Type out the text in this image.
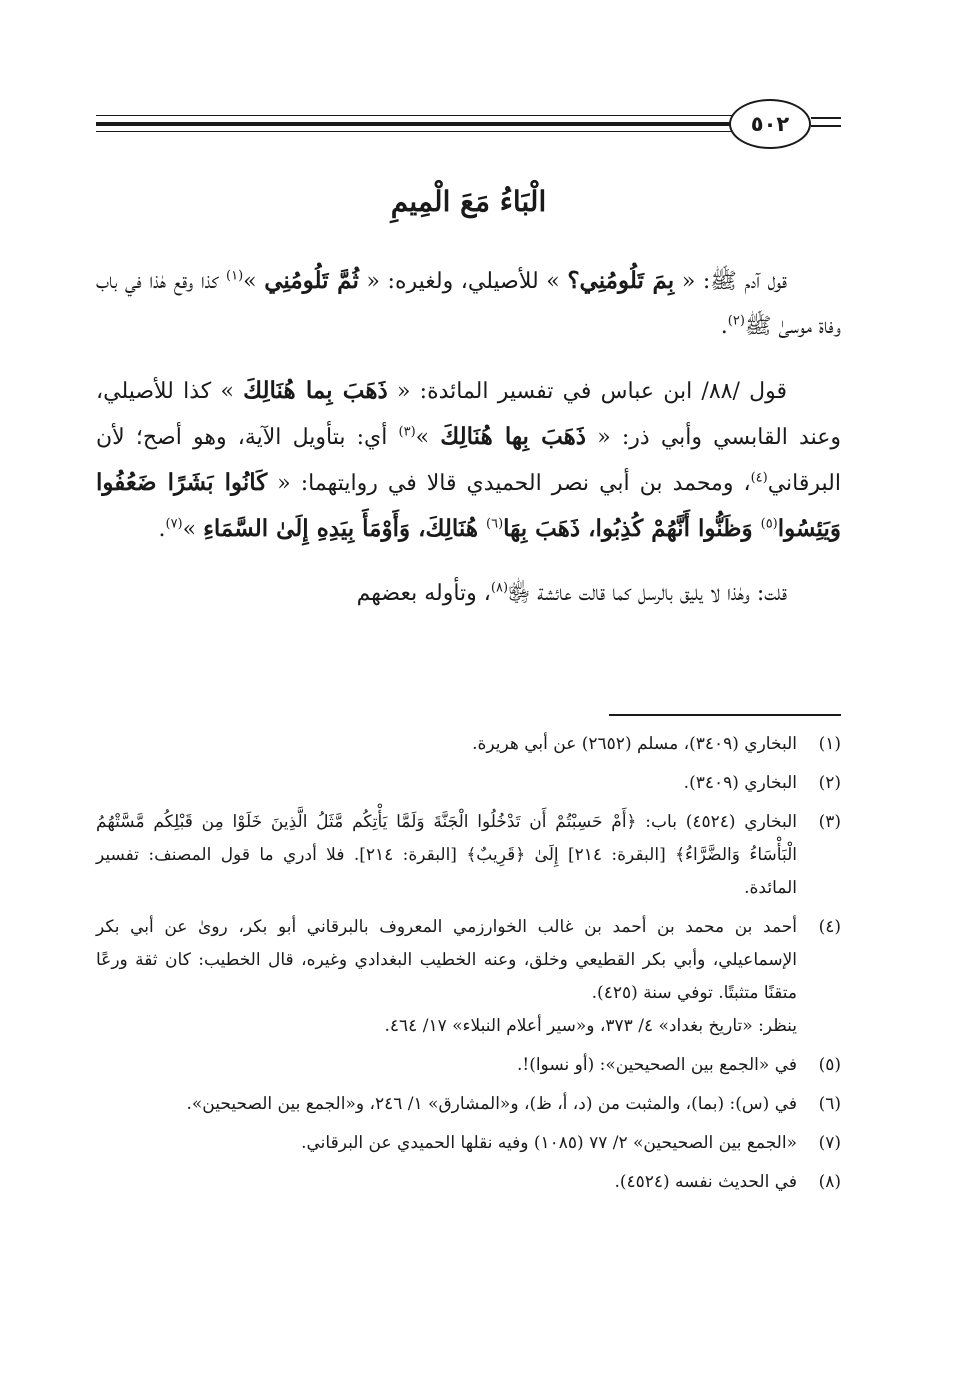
٥٠٢
الْبَاءُ مَعَ الْمِيمِ

قول آدم ﷺ: « بِمَ تَلُومُنِي؟ » للأصيلي، ولغيره: « ثُمَّ تَلُومُنِي »$^{(١)}$ كذا وقع هٰذا في باب وفاة موسىٰ ﷺ$^{(٢)}$.

قول /٨٨/ ابن عباس في تفسير المائدة: « ذَهَبَ بِما هُنَالِكَ » كذا للأصيلي، وعند القابسي وأبي ذر: « ذَهَبَ بِها هُنَالِكَ »$^{(٣)}$ أي: بتأويل الآية، وهو أصح؛ لأن البرقاني$^{(٤)}$، ومحمد بن أبي نصر الحميدي قالا في روايتهما: « كَانُوا بَشَرًا ضَعُفُوا وَيَئِسُوا$^{(٥)}$ وَظَنُّوا أَنَّهُمْ كُذِبُوا، ذَهَبَ بِهَا$^{(٦)}$ هُنَالِكَ، وَأَوْمَأَ بِيَدِهِ إِلَىٰ السَّمَاءِ »$^{(٧)}$.

قلت: وهٰذا لا يليق بالرسل كما قالت عائشة ﵂$^{(٨)}$، وتأوله بعضهم

(١)
البخاري (٣٤٠٩)، مسلم (٢٦٥٢) عن أبي هريرة.
(٢)
البخاري (٣٤٠٩).
(٣)
البخاري (٤٥٢٤) باب: ﴿أَمْ حَسِبْتُمْ أَن تَدْخُلُوا الْجَنَّةَ وَلَمَّا يَأْتِكُم مَّثَلُ الَّذِينَ خَلَوْا مِن قَبْلِكُم مَّسَّتْهُمُ الْبَأْسَاءُ وَالضَّرَّاءُ﴾ [البقرة: ٢١٤] إِلَىٰ ﴿قَرِيبٌ﴾ [البقرة: ٢١٤]. فلا أدري ما قول المصنف: تفسير المائدة.
(٤)
أحمد بن محمد بن أحمد بن غالب الخوارزمي المعروف بالبرقاني أبو بكر، روىٰ عن أبي بكر الإسماعيلي، وأبي بكر القطيعي وخلق، وعنه الخطيب البغدادي وغيره، قال الخطيب: كان ثقة ورعًا متقنًا متثبتًا. توفي سنة (٤٢٥).
ينظر: «تاريخ بغداد» ٤/ ٣٧٣، و«سير أعلام النبلاء» ١٧/ ٤٦٤.
(٥)
في «الجمع بين الصحيحين»: (أو نسوا)!.
(٦)
في (س): (بما)، والمثبت من (د، أ، ظ)، و«المشارق» ١/ ٢٤٦، و«الجمع بين الصحيحين».
(٧)
«الجمع بين الصحيحين» ٢/ ٧٧ (١٠٨٥) وفيه نقلها الحميدي عن البرقاني.
(٨)
في الحديث نفسه (٤٥٢٤).
